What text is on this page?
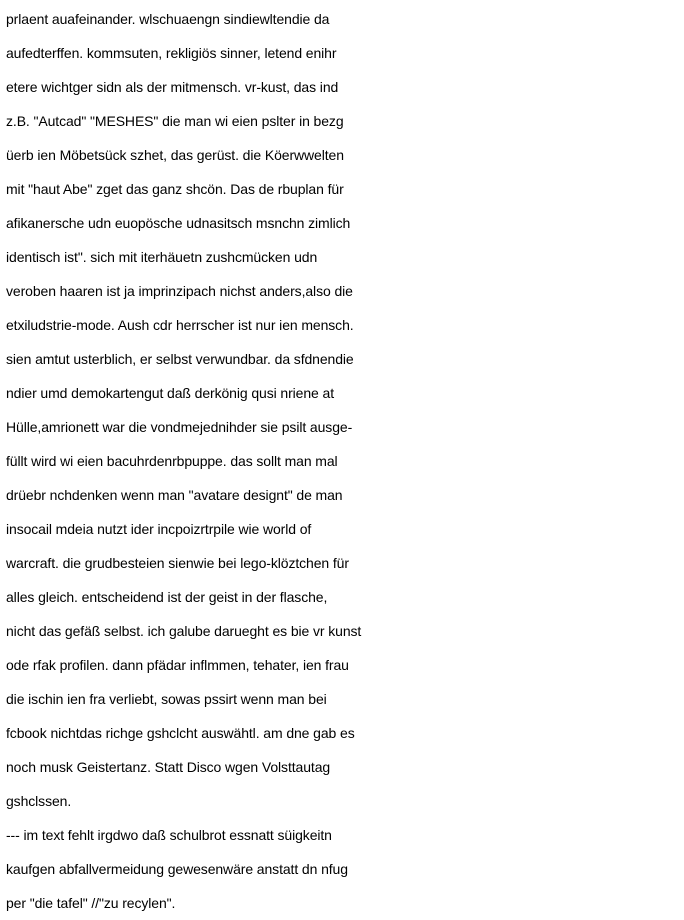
prlaent auafeinander. wlschuaengn sindiewltendie da
aufedterffen. kommsuten, rekligiös sinner, letend enihr
etere wichtger sidn als der mitmensch. vr-kust, das ind
z.B. "Autcad" "MESHES" die man wi eien pslter in bezg
üerb ien Möbetsück szhet, das gerüst. die Köerwwelten
mit "haut Abe" zget das ganz shcön. Das de rbuplan für
afikanersche udn euopösche udnasitsch msnchn zimlich
identisch ist". sich mit iterhäuetn zushcmücken udn
veroben haaren ist ja imprinzipach nichst anders,also die
etxiludstrie-mode. Aush cdr herrscher ist nur ien mensch.
sien amtut usterblich, er selbst verwundbar. da sfdnendie
ndier umd demokartengut daß derkönig qusi nriene at
Hülle,amrionett war die vondmejednihder sie psilt ausge-
füllt wird wi eien bacuhrdenrbpuppe. das sollt man mal
drüebr nchdenken wenn man "avatare designt" de man
insocail mdeia nutzt ider incpoizrtrpile wie world of
warcraft. die grudbesteien sienwie bei lego-klöztchen für
alles gleich. entscheidend ist der geist in der flasche,
nicht das gefäß selbst. ich galube darueght es bie vr kunst
ode rfak profilen. dann pfädar inflmmen, tehater, ien frau
die ischin ien fra verliebt, sowas pssirt wenn man bei
fcbook nichtdas richge gshclcht auswähtl. am dne gab es
noch musk Geistertanz. Statt Disco wgen Volsttautag
gshclssen.
--- im text fehlt irgdwo daß schulbrot essnatt süigkeitn
kaufgen abfallvermeidung gewesenwäre anstatt dn nfug
per "die tafel" //"zu recylen".
